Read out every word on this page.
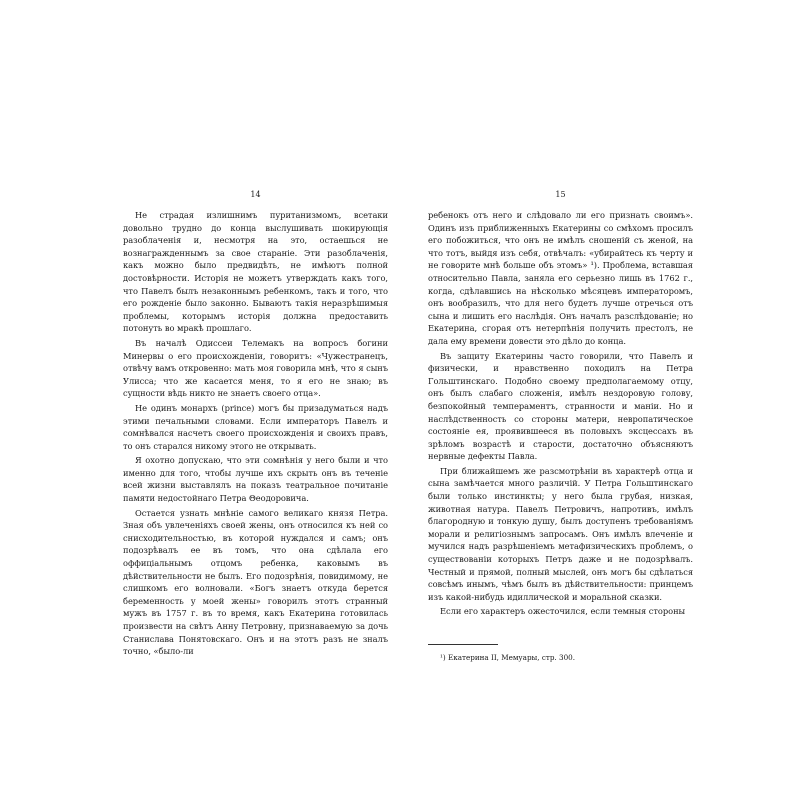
14

Не страдая излишнимъ пуританизмомъ, всетаки довольно трудно до конца выслушивать шокирующія разоблаченія и, несмотря на это, остаешься не вознагражденнымъ за свое стараніе. Эти разоблаченія, какъ можно было предвидѣть, не имѣютъ полной достовѣрности. Исторія не можетъ утверждать какъ того, что Павелъ былъ незаконнымъ ребенкомъ, такъ и того, что его рожденіе было законно. Бываютъ такія неразрѣшимыя проблемы, которымъ исторія должна предоставить потонуть во мракѣ прошлаго.

Въ началѣ Одиссеи Телемакъ на вопросъ богини Минервы о его происхожденіи, говоритъ: «Чужестранецъ, отвѣчу вамъ откровенно: мать моя говорила мнѣ, что я сынъ Улисса; что же касается меня, то я его не знаю; въ сущности вѣдь никто не знаетъ своего отца».

Не одинъ монархъ (prince) могъ бы призадуматься надъ этими печальными словами. Если императоръ Павелъ и сомнѣвался насчетъ своего происхожденія и своихъ правъ, то онъ старался никому этого не открывать.

Я охотно допускаю, что эти сомнѣнія у него были и что именно для того, чтобы лучше ихъ скрыть онъ въ теченіе всей жизни выставлялъ на показъ театральное почитаніе памяти недостойнаго Петра Θеодоровича.

Остается узнать мнѣніе самого великаго князя Петра. Зная объ увлеченіяхъ своей жены, онъ относился къ ней со снисходительностью, въ которой нуждался и самъ; онъ подозрѣвалъ ее въ томъ, что она сдѣлала его оффиціальнымъ отцомъ ребенка, каковымъ въ дѣйствительности не былъ. Его подозрѣнія, повидимому, не слишкомъ его волновали. «Богъ знаетъ откуда берется беременность у моей жены» говорилъ этотъ странный мужъ въ 1757 г. въ то время, какъ Екатерина готовилась произвести на свѣтъ Анну Петровну, признаваемую за дочь Станислава Понятовскаго. Онъ и на этотъ разъ не зналъ точно, «было-ли

15

ребенокъ отъ него и слѣдовало ли его признать своимъ». Одинъ изъ приближенныхъ Екатерины со смѣхомъ просилъ его побожиться, что онъ не имѣлъ сношеній съ женой, на что тотъ, выйдя изъ себя, отвѣчалъ: «убирайтесь къ черту и не говорите мнѣ больше объ этомъ» ¹). Проблема, вставшая относительно Павла, заняла его серьезно лишь въ 1762 г., когда, сдѣлавшись на нѣсколько мѣсяцевъ императоромъ, онъ вообразилъ, что для него будетъ лучше отречься отъ сына и лишить его наслѣдія. Онъ началъ разслѣдованіе; но Екатерина, сгорая отъ нетерпѣнія получить престолъ, не дала ему времени довести это дѣло до конца.

Въ защиту Екатерины часто говорили, что Павелъ и физически, и нравственно походилъ на Петра Гольштинскаго. Подобно своему предполагаемому отцу, онъ былъ слабаго сложенія, имѣлъ нездоровую голову, безпокойный темпераментъ, странности и маніи. Но и наслѣдственность со стороны матери, невропатическое состояніе ея, проявившееся въ половыхъ эксцессахъ въ зрѣломъ возрастѣ и старости, достаточно объясняютъ нервные дефекты Павла.

При ближайшемъ же разсмотрѣніи въ характерѣ отца и сына замѣчается много различій. У Петра Гольштинскаго были только инстинкты; у него была грубая, низкая, животная натура. Павелъ Петровичъ, напротивъ, имѣлъ благородную и тонкую душу, былъ доступенъ требованіямъ морали и религіознымъ запросамъ. Онъ имѣлъ влеченіе и мучился надъ разрѣшеніемъ метафизическихъ проблемъ, о существованіи которыхъ Петръ даже и не подозрѣвалъ. Честный и прямой, полный мыслей, онъ могъ бы сдѣлаться совсѣмъ инымъ, чѣмъ былъ въ дѣйствительности: принцемъ изъ какой-нибудь идиллической и моральной сказки.

Если его характеръ ожесточился, если темныя стороны

¹) Екатерина II, Мемуары, стр. 300.
